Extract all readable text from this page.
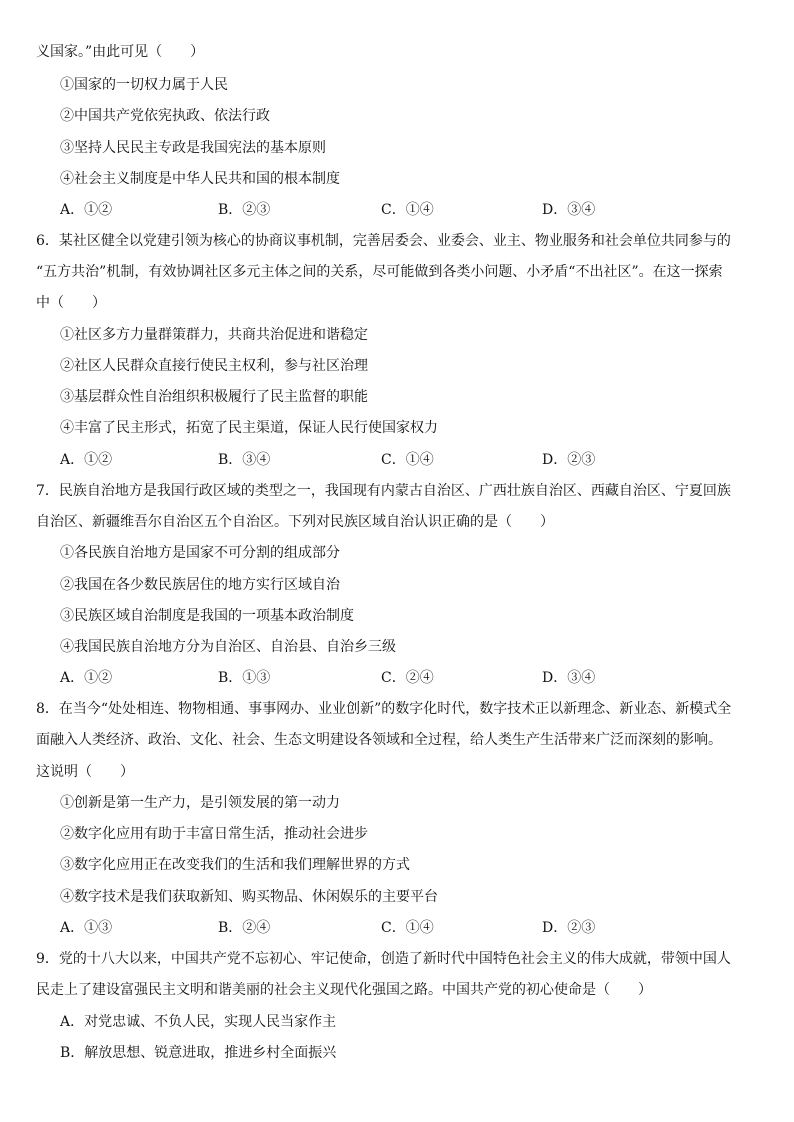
义国家。”由此可见（　　）
①国家的一切权力属于人民
②中国共产党依宪执政、依法行政
③坚持人民民主专政是我国宪法的基本原则
④社会主义制度是中华人民共和国的根本制度
A．①②	B．②③	C．①④	D．③④
6．某社区健全以党建引领为核心的协商议事机制，完善居委会、业委会、业主、物业服务和社会单位共同参与的
“五方共治”机制，有效协调社区多元主体之间的关系，尽可能做到各类小问题、小矛盾“不出社区”。在这一探索
中（　　）
①社区多方力量群策群力，共商共治促进和谐稳定
②社区人民群众直接行使民主权利，参与社区治理
③基层群众性自治组织积极履行了民主监督的职能
④丰富了民主形式，拓宽了民主渠道，保证人民行使国家权力
A．①②	B．③④	C．①④	D．②③
7．民族自治地方是我国行政区域的类型之一，我国现有内蒙古自治区、广西壮族自治区、西藏自治区、宁夏回族
自治区、新疆维吾尔自治区五个自治区。下列对民族区域自治认识正确的是（　　）
①各民族自治地方是国家不可分割的组成部分
②我国在各少数民族居住的地方实行区域自治
③民族区域自治制度是我国的一项基本政治制度
④我国民族自治地方分为自治区、自治县、自治乡三级
A．①②	B．①③	C．②④	D．③④
8．在当今“处处相连、物物相通、事事网办、业业创新”的数字化时代，数字技术正以新理念、新业态、新模式全
面融入人类经济、政治、文化、社会、生态文明建设各领域和全过程，给人类生产生活带来广泛而深刻的影响。
这说明（　　）
①创新是第一生产力，是引领发展的第一动力
②数字化应用有助于丰富日常生活，推动社会进步
③数字化应用正在改变我们的生活和我们理解世界的方式
④数字技术是我们获取新知、购买物品、休闲娱乐的主要平台
A．①③	B．②④	C．①④	D．②③
9．党的十八大以来，中国共产党不忘初心、牢记使命，创造了新时代中国特色社会主义的伟大成就，带领中国人
民走上了建设富强民主文明和谐美丽的社会主义现代化强国之路。中国共产党的初心使命是（　　）
A．对党忠诚、不负人民，实现人民当家作主
B．解放思想、锐意进取，推进乡村全面振兴
